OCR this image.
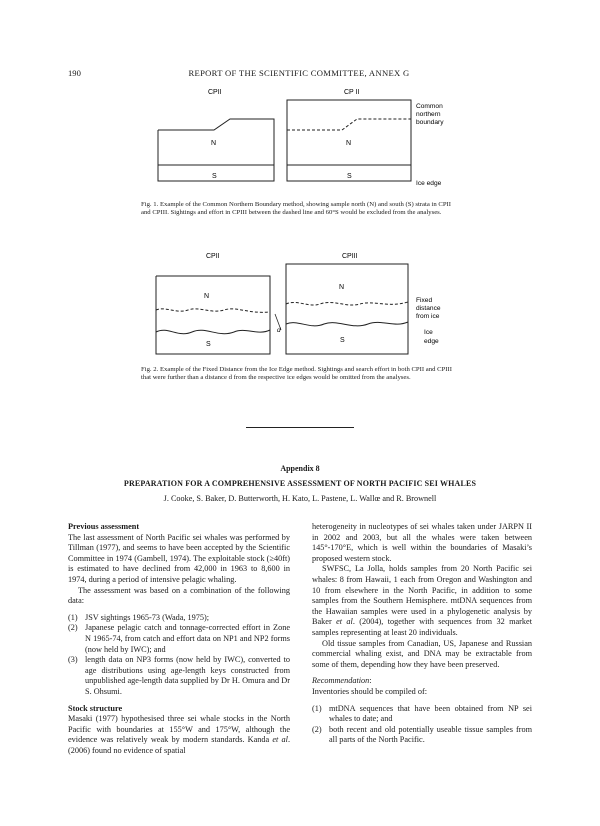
190	REPORT OF THE SCIENTIFIC COMMITTEE, ANNEX G
CPII
N
S
CP II
N
S
Common
northern
boundary
Ice edge
Fig. 1. Example of the Common Northern Boundary method, showing sample north (N) and south (S) strata in CPII and CPIII. Sightings and effort in CPIII between the dashed line and 60°S would be excluded from the analyses.
CPII
N
S
d
CPIII
N
S
Fixed
distance
from ice
Ice
edge
Fig. 2. Example of the Fixed Distance from the Ice Edge method. Sightings and search effort in both CPII and CPIII that were further than a distance d from the respective ice edges would be omitted from the analyses.
Appendix 8
PREPARATION FOR A COMPREHENSIVE ASSESSMENT OF NORTH PACIFIC SEI WHALES
J. Cooke, S. Baker, D. Butterworth, H. Kato, L. Pastene, L. Wallœ and R. Brownell

Previous assessment

The last assessment of North Pacific sei whales was performed by Tillman (1977), and seems to have been accepted by the Scientific Committee in 1974 (Gambell, 1974). The exploitable stock (≥40ft) is estimated to have declined from 42,000 in 1963 to 8,600 in 1974, during a period of intensive pelagic whaling.

The assessment was based on a combination of the following data:

(1) JSV sightings 1965-73 (Wada, 1975);
(2) Japanese pelagic catch and tonnage-corrected effort in Zone N 1965-74, from catch and effort data on NP1 and NP2 forms (now held by IWC); and
(3) length data on NP3 forms (now held by IWC), converted to age distributions using age-length keys constructed from unpublished age-length data supplied by Dr H. Omura and Dr S. Ohsumi.

Stock structure

Masaki (1977) hypothesised three sei whale stocks in the North Pacific with boundaries at 155°W and 175°W, although the evidence was relatively weak by modern standards. Kanda et al. (2006) found no evidence of spatial

heterogeneity in nucleotypes of sei whales taken under JARPN II in 2002 and 2003, but all the whales were taken between 145°-170°E, which is well within the boundaries of Masaki’s proposed western stock.

SWFSC, La Jolla, holds samples from 20 North Pacific sei whales: 8 from Hawaii, 1 each from Oregon and Washington and 10 from elsewhere in the North Pacific, in addition to some samples from the Southern Hemisphere. mtDNA sequences from the Hawaiian samples were used in a phylogenetic analysis by Baker et al. (2004), together with sequences from 32 market samples representing at least 20 individuals.

Old tissue samples from Canadian, US, Japanese and Russian commercial whaling exist, and DNA may be extractable from some of them, depending how they have been preserved.

Recommendation:

Inventories should be compiled of:

(1) mtDNA sequences that have been obtained from NP sei whales to date; and
(2) both recent and old potentially useable tissue samples from all parts of the North Pacific.
